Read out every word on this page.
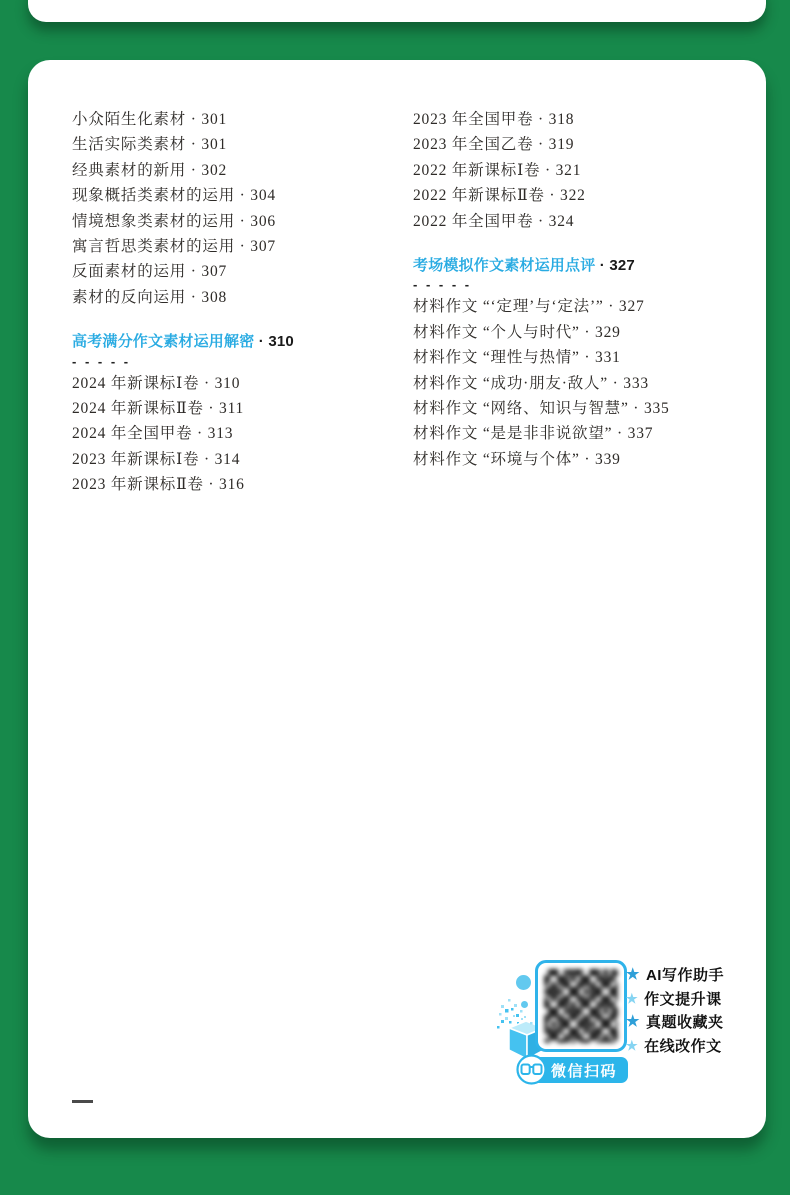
小众陌生化素材 · 301
生活实际类素材 · 301
经典素材的新用 · 302
现象概括类素材的运用 · 304
情境想象类素材的运用 · 306
寓言哲思类素材的运用 · 307
反面素材的运用 · 307
素材的反向运用 · 308
高考满分作文素材运用解密 · 310
- - - - -
2024 年新课标Ⅰ卷 · 310
2024 年新课标Ⅱ卷 · 311
2024 年全国甲卷 · 313
2023 年新课标Ⅰ卷 · 314
2023 年新课标Ⅱ卷 · 316
2023 年全国甲卷 · 318
2023 年全国乙卷 · 319
2022 年新课标Ⅰ卷 · 321
2022 年新课标Ⅱ卷 · 322
2022 年全国甲卷 · 324
考场模拟作文素材运用点评 · 327
- - - - -
材料作文 “‘定理’与‘定法’” · 327
材料作文 “个人与时代” · 329
材料作文 “理性与热情” · 331
材料作文 “成功·朋友·敌人” · 333
材料作文 “网络、知识与智慧” · 335
材料作文 “是是非非说欲望” · 337
材料作文 “环境与个体” · 339
微信扫码
★ AI写作助手
★ 作文提升课
★ 真题收藏夹
★ 在线改作文
